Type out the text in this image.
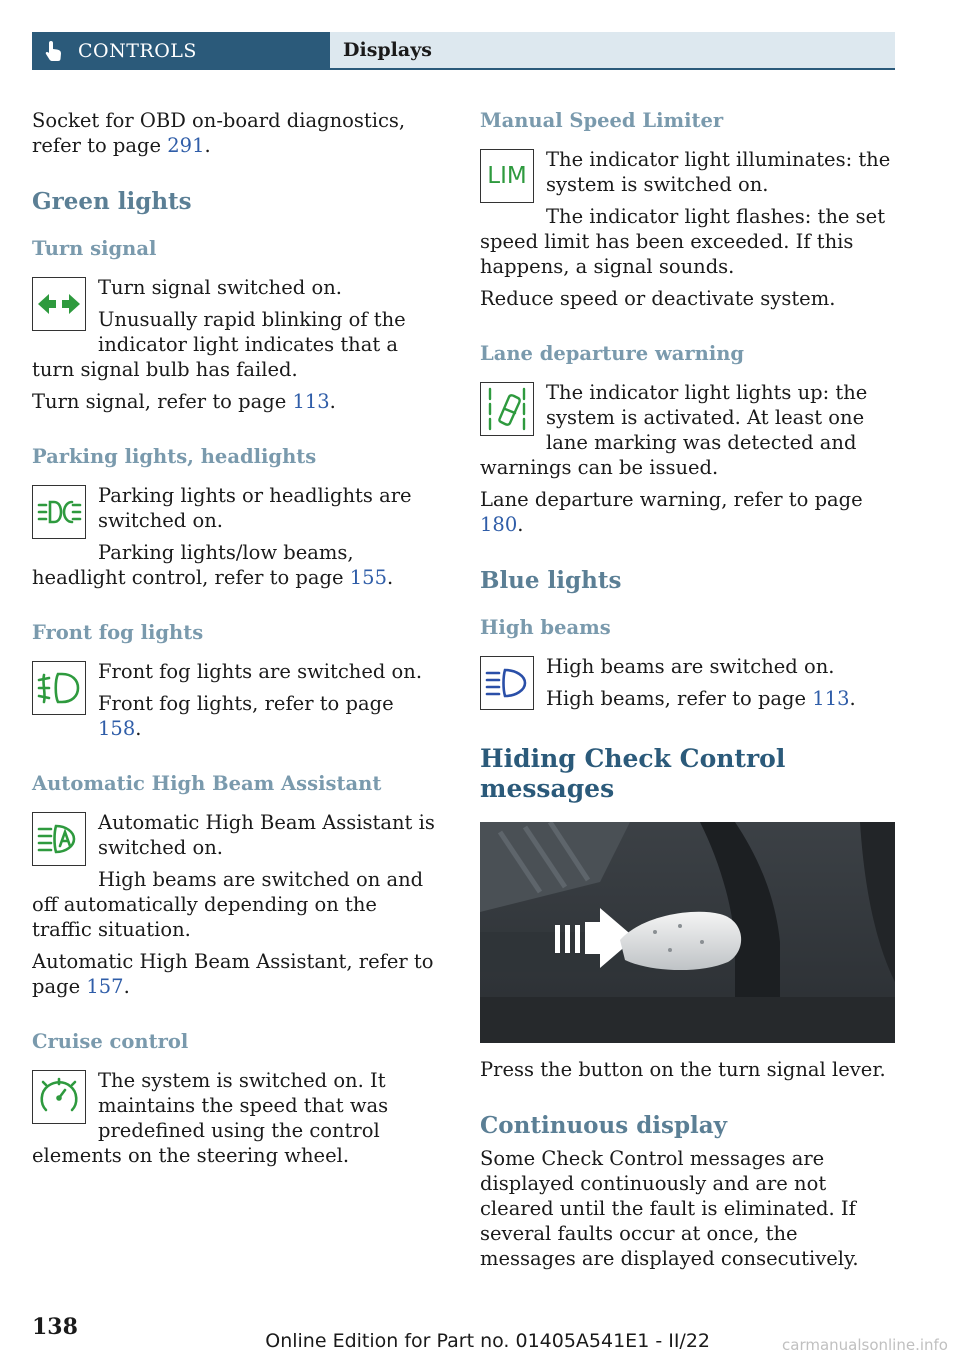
CONTROLS	Displays

Socket for OBD on-board diagnostics, refer to page 291.

Green lights
Turn signal

Turn signal switched on.

Unusually rapid blinking of the indicator light indicates that a turn signal bulb has failed.

Turn signal, refer to page 113.

Parking lights, headlights

Parking lights or headlights are switched on.

Parking lights/low beams, headlight control, refer to page 155.

Front fog lights

Front fog lights are switched on.

Front fog lights, refer to page 158.

Automatic High Beam Assistant

Automatic High Beam Assistant is switched on.

High beams are switched on and off automatically depending on the traffic situation.

Automatic High Beam Assistant, refer to page 157.

Cruise control

The system is switched on. It maintains the speed that was predefined using the control elements on the steering wheel.

Manual Speed Limiter
LIM

The indicator light illuminates: the system is switched on.

The indicator light flashes: the set speed limit has been exceeded. If this happens, a signal sounds.

Reduce speed or deactivate system.

Lane departure warning

The indicator light lights up: the system is activated. At least one lane marking was detected and warnings can be issued.

Lane departure warning, refer to page 180.

Blue lights
High beams

High beams are switched on.

High beams, refer to page 113.

Hiding Check Control messages

Press the button on the turn signal lever.

Continuous display

Some Check Control messages are displayed continuously and are not cleared until the fault is eliminated. If several faults occur at once, the messages are displayed consecutively.

138
Online Edition for Part no. 01405A541E1 - II/22	carmanualsonline.info
